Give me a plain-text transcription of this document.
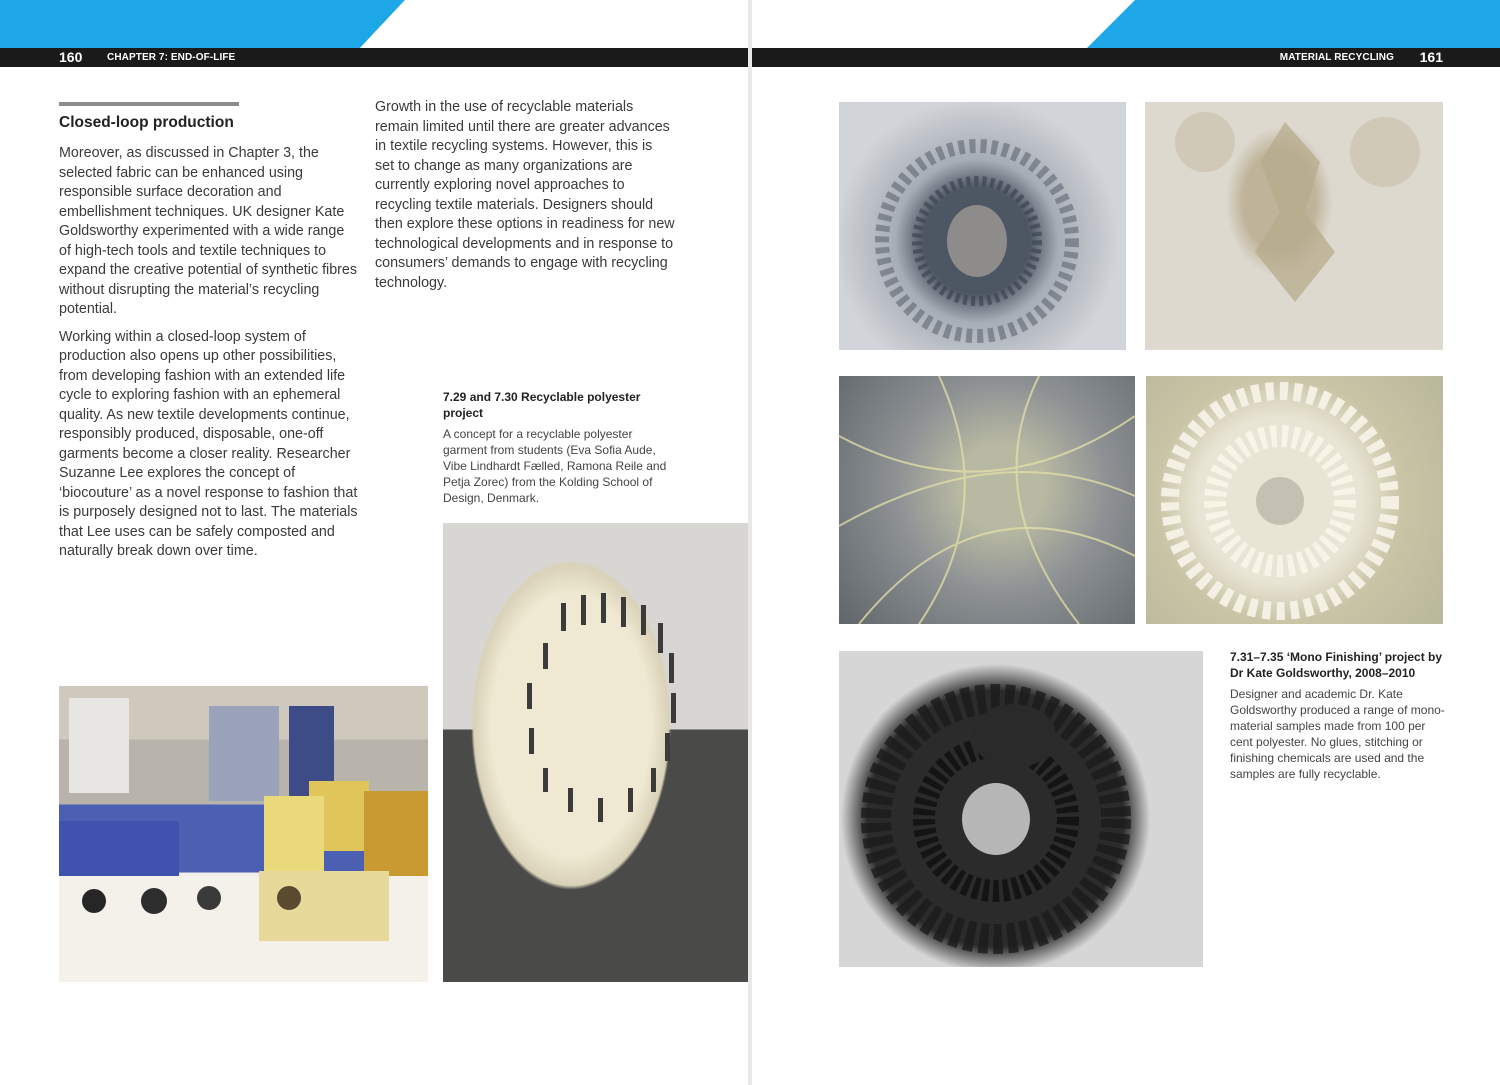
160 CHAPTER 7: END-OF-LIFE
Closed-loop production

Moreover, as discussed in Chapter 3, the selected fabric can be enhanced using responsible surface decoration and embellishment techniques. UK designer Kate Goldsworthy experimented with a wide range of high-tech tools and textile techniques to expand the creative potential of synthetic fibres without disrupting the material’s recycling potential.

Working within a closed-loop system of production also opens up other possibilities, from developing fashion with an extended life cycle to exploring fashion with an ephemeral quality. As new textile developments continue, responsibly produced, disposable, one-off garments become a closer reality. Researcher Suzanne Lee explores the concept of ‘biocouture’ as a novel response to fashion that is purposely designed not to last. The materials that Lee uses can be safely composted and naturally break down over time.

Growth in the use of recyclable materials remain limited until there are greater advances in textile recycling systems. However, this is set to change as many organizations are currently exploring novel approaches to recycling textile materials. Designers should then explore these options in readiness for new technological developments and in response to consumers’ demands to engage with recycling technology.

7.29 and 7.30 Recyclable polyester project
A concept for a recyclable polyester garment from students (Eva Sofia Aude, Vibe Lindhardt Fælled, Ramona Reile and Petja Zorec) from the Kolding School of Design, Denmark.
MATERIAL RECYCLING 161
7.31–7.35 ‘Mono Finishing’ project by Dr Kate Goldsworthy, 2008–2010
Designer and academic Dr. Kate Goldsworthy produced a range of mono-material samples made from 100 per cent polyester. No glues, stitching or finishing chemicals are used and the samples are fully recyclable.
